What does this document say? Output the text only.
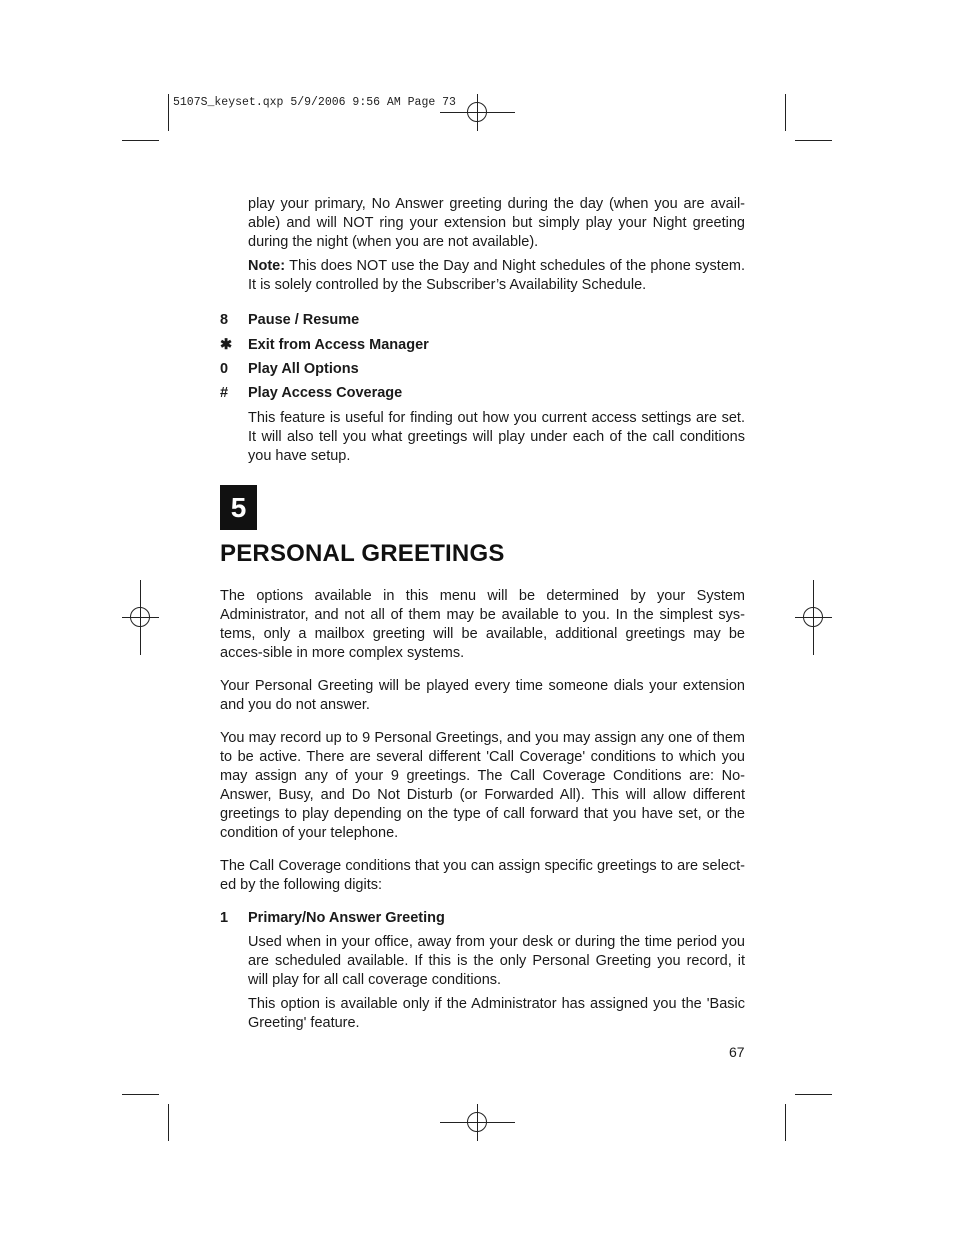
5107S_keyset.qxp 5/9/2006 9:56 AM Page 73

play your primary, No Answer greeting during the day (when you are avail-able) and will NOT ring your extension but simply play your Night greeting during the night (when you are not available).

Note: This does NOT use the Day and Night schedules of the phone system. It is solely controlled by the Subscriber’s Availability Schedule.

8	Pause / Resume
✱	Exit from Access Manager
0	Play All Options
#	Play Access Coverage

This feature is useful for finding out how you current access settings are set. It will also tell you what greetings will play under each of the call conditions you have setup.

5
PERSONAL GREETINGS

The options available in this menu will be determined by your System Administrator, and not all of them may be available to you. In the simplest sys-tems, only a mailbox greeting will be available, additional greetings may be acces-sible in more complex systems.

Your Personal Greeting will be played every time someone dials your extension and you do not answer.

You may record up to 9 Personal Greetings, and you may assign any one of them to be active. There are several different 'Call Coverage' conditions to which you may assign any of your 9 greetings. The Call Coverage Conditions are: No-Answer, Busy, and Do Not Disturb (or Forwarded All). This will allow different greetings to play depending on the type of call forward that you have set, or the condition of your telephone.

The Call Coverage conditions that you can assign specific greetings to are select-ed by the following digits:

1	Primary/No Answer Greeting

Used when in your office, away from your desk or during the time period you are scheduled available. If this is the only Personal Greeting you record, it will play for all call coverage conditions.

This option is available only if the Administrator has assigned you the 'Basic Greeting' feature.

67
